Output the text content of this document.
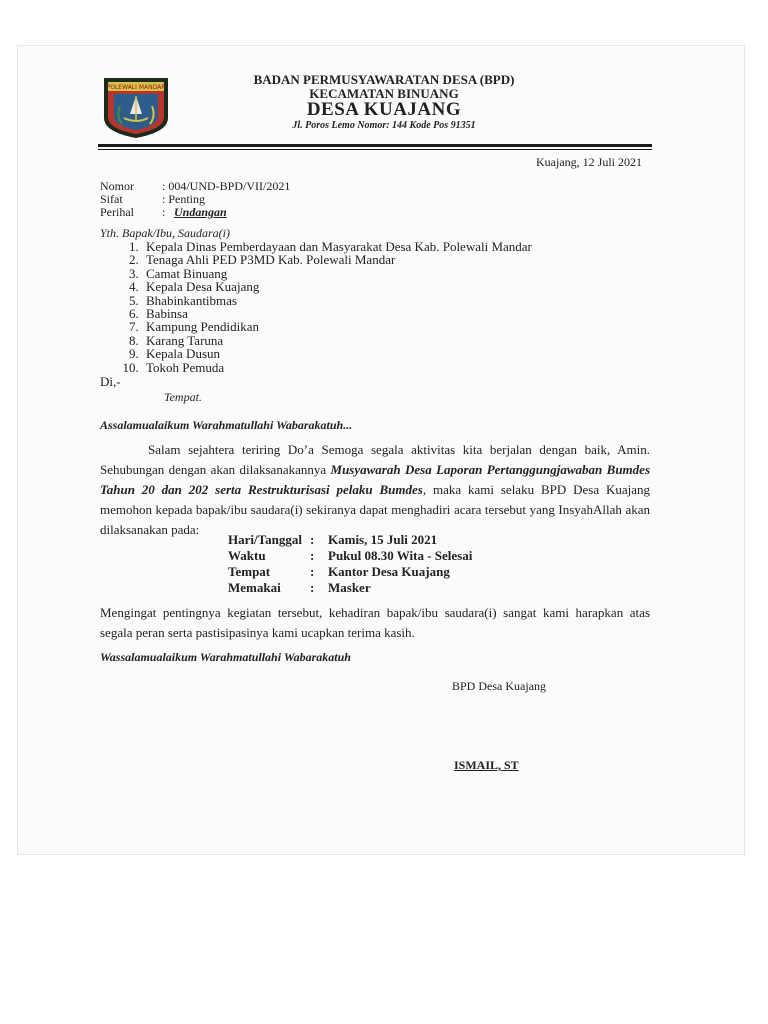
POLEWALI MANDAR
BADAN PERMUSYAWARATAN DESA (BPD)
KECAMATAN BINUANG
DESA KUAJANG
Jl. Poros Lemo Nomor: 144 Kode Pos 91351
Kuajang, 12 Juli 2021
Nomor : 004/UND-BPD/VII/2021
Sifat	: Penting
Perihal : Undangan
Yth. Bapak/Ibu, Saudara(i)
1. Kepala Dinas Pemberdayaan dan Masyarakat Desa Kab. Polewali Mandar
2. Tenaga Ahli PED P3MD Kab. Polewali Mandar
3. Camat Binuang
4. Kepala Desa Kuajang
5. Bhabinkantibmas
6. Babinsa
7. Kampung Pendidikan
8. Karang Taruna
9. Kepala Dusun
10. Tokoh Pemuda
Di,-
Tempat.
Assalamualaikum Warahmatullahi Wabarakatuh...
Salam sejahtera teriring Do’a Semoga segala aktivitas kita berjalan dengan baik, Amin. Sehubungan dengan akan dilaksanakannya Musyawarah Desa Laporan Pertanggungjawaban Bumdes Tahun 20 dan 202 serta Restrukturisasi pelaku Bumdes, maka kami selaku BPD Desa Kuajang memohon kepada bapak/ibu saudara(i) sekiranya dapat menghadiri acara tersebut yang InsyahAllah akan dilaksanakan pada:
Hari/Tanggal :	Kamis, 15 Juli 2021
Waktu	:	Pukul 08.30 Wita - Selesai
Tempat	:	Kantor Desa Kuajang
Memakai	:	Masker
Mengingat pentingnya kegiatan tersebut, kehadiran bapak/ibu saudara(i) sangat kami harapkan atas segala peran serta pastisipasinya kami ucapkan terima kasih.
Wassalamualaikum Warahmatullahi Wabarakatuh
BPD Desa Kuajang
ISMAIL, ST
